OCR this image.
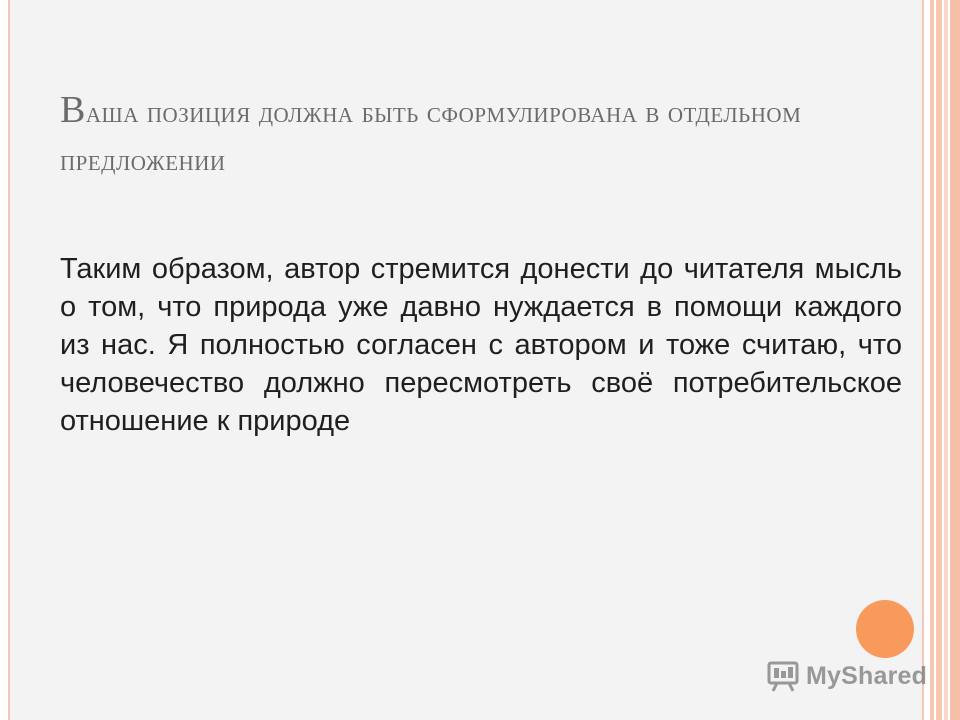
Ваша позиция должна быть сформулирована в отдельном предложении

Таким образом, автор стремится донести до читателя мысль о том, что природа уже давно нуждается в помощи каждого из нас. Я полностью согласен с автором и тоже считаю, что человечество должно пересмотреть своё потребительское отношение к природе

MyShared
